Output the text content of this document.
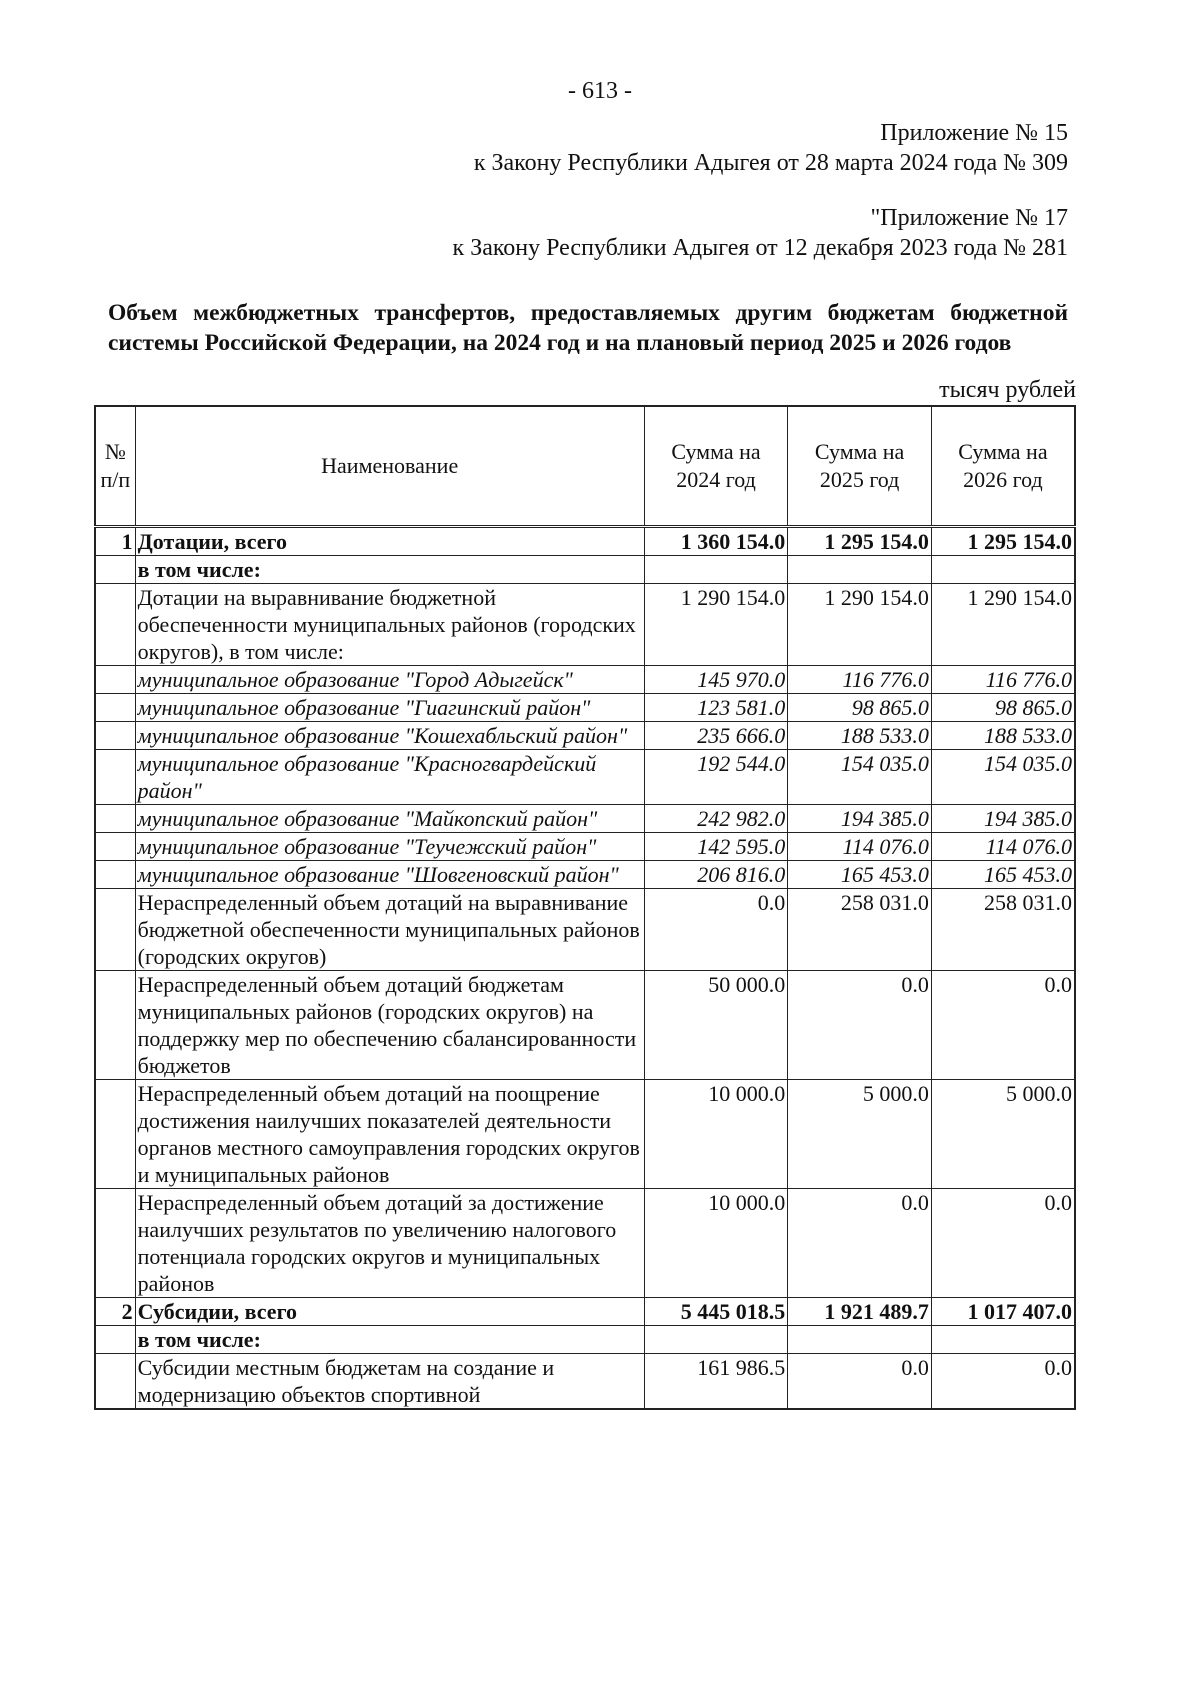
- 613 -
Приложение № 15
к Закону Республики Адыгея от 28 марта 2024 года № 309
"Приложение № 17
к Закону Республики Адыгея от 12 декабря 2023 года № 281
Объем межбюджетных трансфертов, предоставляемых другим бюджетам бюджетной системы Российской Федерации, на 2024 год и на плановый период 2025 и 2026 годов
тысяч рублей
№ п/п	Наименование	Сумма на 2024 год	Сумма на 2025 год	Сумма на 2026 год
1	Дотации, всего	1 360 154.0	1 295 154.0	1 295 154.0
	в том числе:			
	Дотации на выравнивание бюджетной обеспеченности муниципальных районов (городских округов), в том числе:	1 290 154.0	1 290 154.0	1 290 154.0
	муниципальное образование "Город Адыгейск"	145 970.0	116 776.0	116 776.0
	муниципальное образование "Гиагинский район"	123 581.0	98 865.0	98 865.0
	муниципальное образование "Кошехабльский район"	235 666.0	188 533.0	188 533.0
	муниципальное образование "Красногвардейский район"	192 544.0	154 035.0	154 035.0
	муниципальное образование "Майкопский район"	242 982.0	194 385.0	194 385.0
	муниципальное образование "Теучежский район"	142 595.0	114 076.0	114 076.0
	муниципальное образование "Шовгеновский район"	206 816.0	165 453.0	165 453.0
	Нераспределенный объем дотаций на выравнивание бюджетной обеспеченности муниципальных районов (городских округов)	0.0	258 031.0	258 031.0
	Нераспределенный объем дотаций бюджетам муниципальных районов (городских округов) на поддержку мер по обеспечению сбалансированности бюджетов	50 000.0	0.0	0.0
	Нераспределенный объем дотаций на поощрение достижения наилучших показателей деятельности органов местного самоуправления городских округов и муниципальных районов	10 000.0	5 000.0	5 000.0
	Нераспределенный объем дотаций за достижение наилучших результатов по увеличению налогового потенциала городских округов и муниципальных районов	10 000.0	0.0	0.0
2	Субсидии, всего	5 445 018.5	1 921 489.7	1 017 407.0
	в том числе:			
	Субсидии местным бюджетам на создание и модернизацию объектов спортивной	161 986.5	0.0	0.0
